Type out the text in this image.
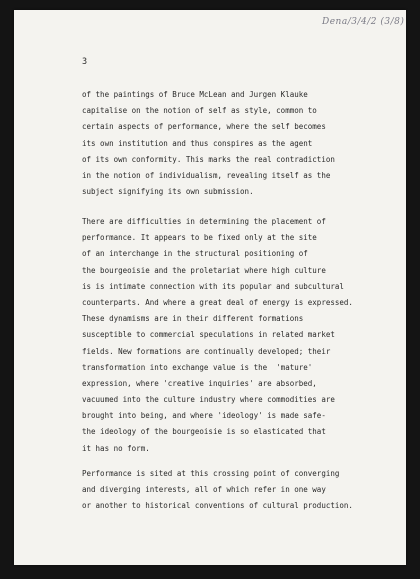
Dena/3/4/2 (3/8)
3
of the paintings of Bruce McLean and Jurgen Klauke
capitalise on the notion of self as style, common to
certain aspects of performance, where the self becomes
its own institution and thus conspires as the agent
of its own conformity. This marks the real contradiction
in the notion of individualism, revealing itself as the
subject signifying its own submission.
There are difficulties in determining the placement of
performance. It appears to be fixed only at the site
of an interchange in the structural positioning of
the bourgeoisie and the proletariat where high culture
is is intimate connection with its popular and subcultural
counterparts. And where a great deal of energy is expressed.
These dynamisms are in their different formations
susceptible to commercial speculations in related market
fields. New formations are continually developed; their
transformation into exchange value is the  'mature'
expression, where 'creative inquiries' are absorbed,
vacuumed into the culture industry where commodities are
brought into being, and where 'ideology' is made safe-
the ideology of the bourgeoisie is so elasticated that
it has no form.
Performance is sited at this crossing point of converging
and diverging interests, all of which refer in one way
or another to historical conventions of cultural production.
